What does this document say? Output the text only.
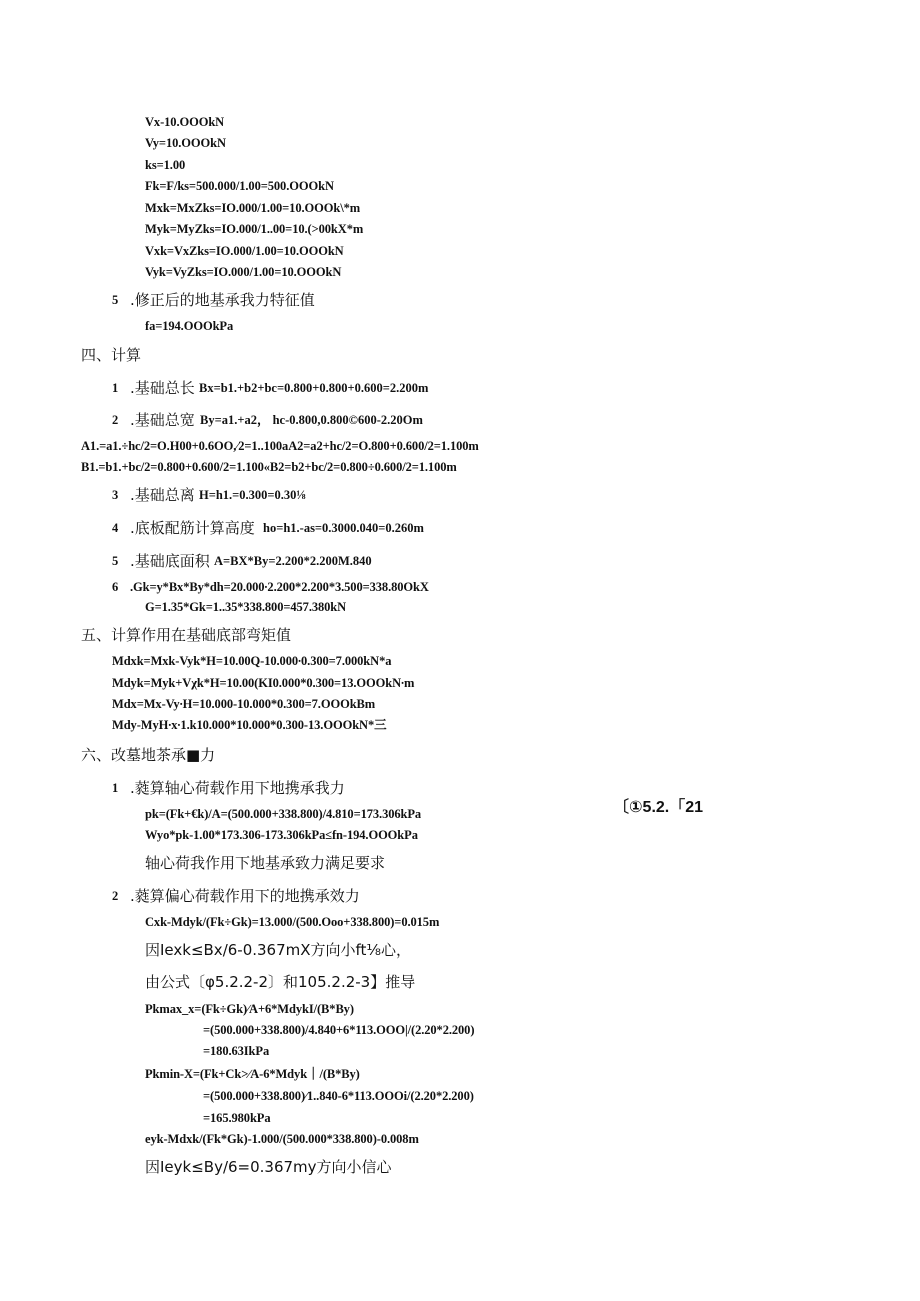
Vx-10.OOOkN
Vy=10.OOOkN
ks=1.00
Fk=F/ks=500.000/1.00=500.OOOkN
Mxk=MxZks=IO.000/1.00=10.OOOk\*m
Myk=MyZks=IO.000/1..00=10.(>00kX*m
Vxk=VxZks=IO.000/1.00=10.OOOkN
Vyk=VyZks=IO.000/1.00=10.OOOkN
5 .修正后的地基承我力特征值
fa=194.OOOkPa
四、计算
1 .基础总长 Bx=b1.+b2+bc=0.800+0.800+0.600=2.200m
2 .基础总宽 By=a1.+a2， hc-0.800,0.800©600-2.20Om
A1.=a1.÷hc/2=O.H00+0.6OO,∕2=1..100aA2=a2+hc/2=O.800+0.600/2=1.100m
B1.=b1.+bc/2=0.800+0.600/2=1.100«B2=b2+bc/2=0.800÷0.600/2=1.100m
3 .基础总离 H=h1.=0.300=0.30⅛
4 .底板配筋计算高度 ho=h1.-as=0.3000.040=0.260m
5 .基础底面积 A=BX*By=2.200*2.200M.840
6 .Gk=y*Bx*By*dh=20.000∙2.200*2.200*3.500=338.80OkX
G=1.35*Gk=1..35*338.800=457.380kN
五、计算作用在基础底部弯矩值
Mdxk=Mxk-Vyk*H=10.00Q-10.000∙0.300=7.000kN*a
Mdyk=Myk+Vχk*H=10.00(KI0.000*0.300=13.OOOkN∙m
Mdx=Mx-Vy∙H=10.000-10.000*0.300=7.OOOkBm
Mdy-MyH∙x∙1.k10.000*10.000*0.300-13.OOOkN*三
六、改墓地茶承■力
1 .蕤算轴心荷载作用下地携承我力
pk=(Fk+€k)/A=(500.000+338.800)/4.810=173.306kPa	〔①5.2.「21
Wyo*pk-1.00*173.306-173.306kPa≤fn-194.OOOkPa
轴心荷我作用下地基承致力满足要求
2 .蕤算偏心荷载作用下的地携承效力
Cxk-Mdyk/(Fk÷Gk)=13.000/(500.Ooo+338.800)=0.015m
因Iexk≤Bx/6-0.367mX方向小ft⅛心，
由公式〔φ5.2.2-2〕和105.2.2-3】推导
Pkmax_x=(Fk÷Gk)∕A+6*MdykI/(B*By)
=(500.000+338.800)/4.840+6*113.OOO|/(2.20*2.200)
=180.63IkPa
Pkmin-X=(Fk+Ck>∕A-6*Mdyk｜/(B*By)
=(500.000+338.800)∕1..840-6*113.OOOi/(2.20*2.200)
=165.980kPa
eyk-Mdxk/(Fk*Gk)-1.000/(500.000*338.800)-0.008m
因Ieyk≤By/6=0.367my方向小信心
